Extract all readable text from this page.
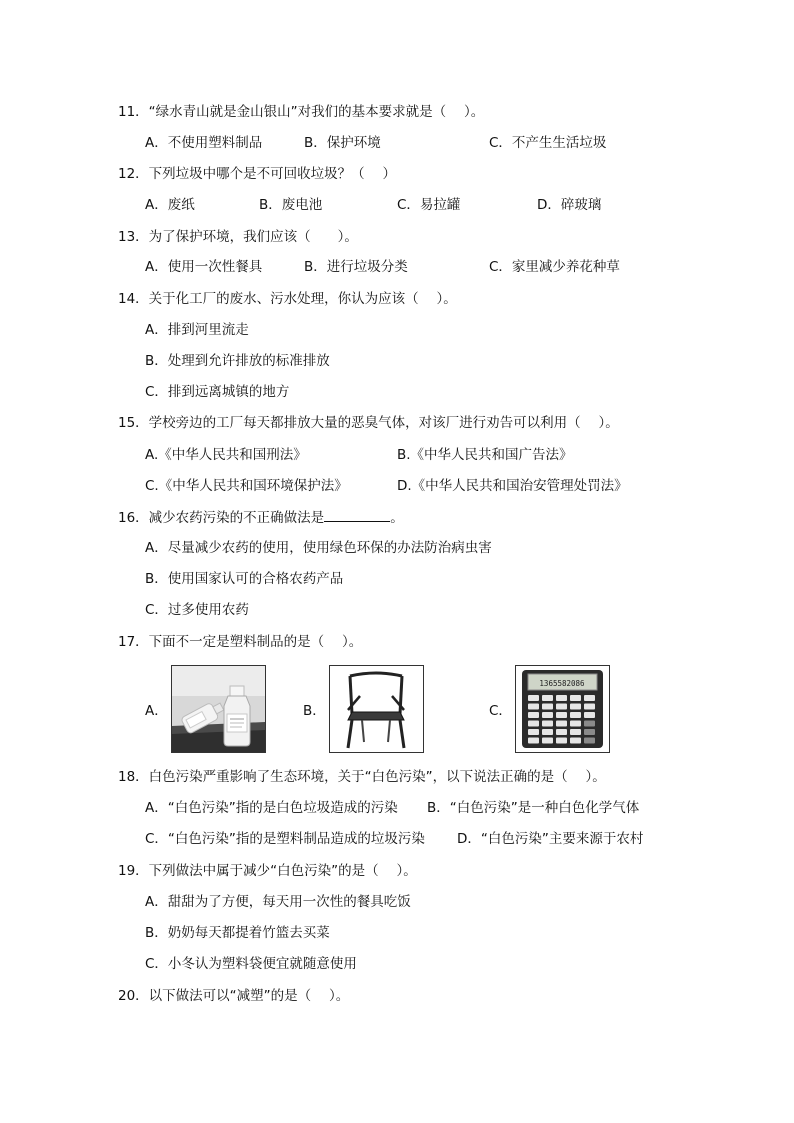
11．“绿水青山就是金山银山”对我们的基本要求就是（　 ）。
A．不使用塑料制品	B．保护环境	C．不产生生活垃圾
12．下列垃圾中哪个是不可回收垃圾？（　 ）
A．废纸	B．废电池	C．易拉罐	D．碎玻璃
13．为了保护环境，我们应该（　　）。
A．使用一次性餐具	B．进行垃圾分类	C．家里减少养花种草
14．关于化工厂的废水、污水处理，你认为应该（　 ）。
A．排到河里流走
B．处理到允许排放的标准排放
C．排到远离城镇的地方
15．学校旁边的工厂每天都排放大量的恶臭气体，对该厂进行劝告可以利用（　 ）。
A.《中华人民共和国刑法》	B.《中华人民共和国广告法》
C.《中华人民共和国环境保护法》	D.《中华人民共和国治安管理处罚法》
16．减少农药污染的不正确做法是	。
A．尽量减少农药的使用，使用绿色环保的办法防治病虫害
B．使用国家认可的合格农药产品
C．过多使用农药
17．下面不一定是塑料制品的是（　 ）。
A．	B．	C．
1365582086
18．白色污染严重影响了生态环境，关于“白色污染”，以下说法正确的是（　 ）。
A．“白色污染”指的是白色垃圾造成的污染 B．“白色污染”是一种白色化学气体
C．“白色污染”指的是塑料制品造成的垃圾污染 D．“白色污染”主要来源于农村
19．下列做法中属于减少“白色污染”的是（　 ）。
A．甜甜为了方便，每天用一次性的餐具吃饭
B．奶奶每天都提着竹篮去买菜
C．小冬认为塑料袋便宜就随意使用
20．以下做法可以“减塑”的是（　 ）。
